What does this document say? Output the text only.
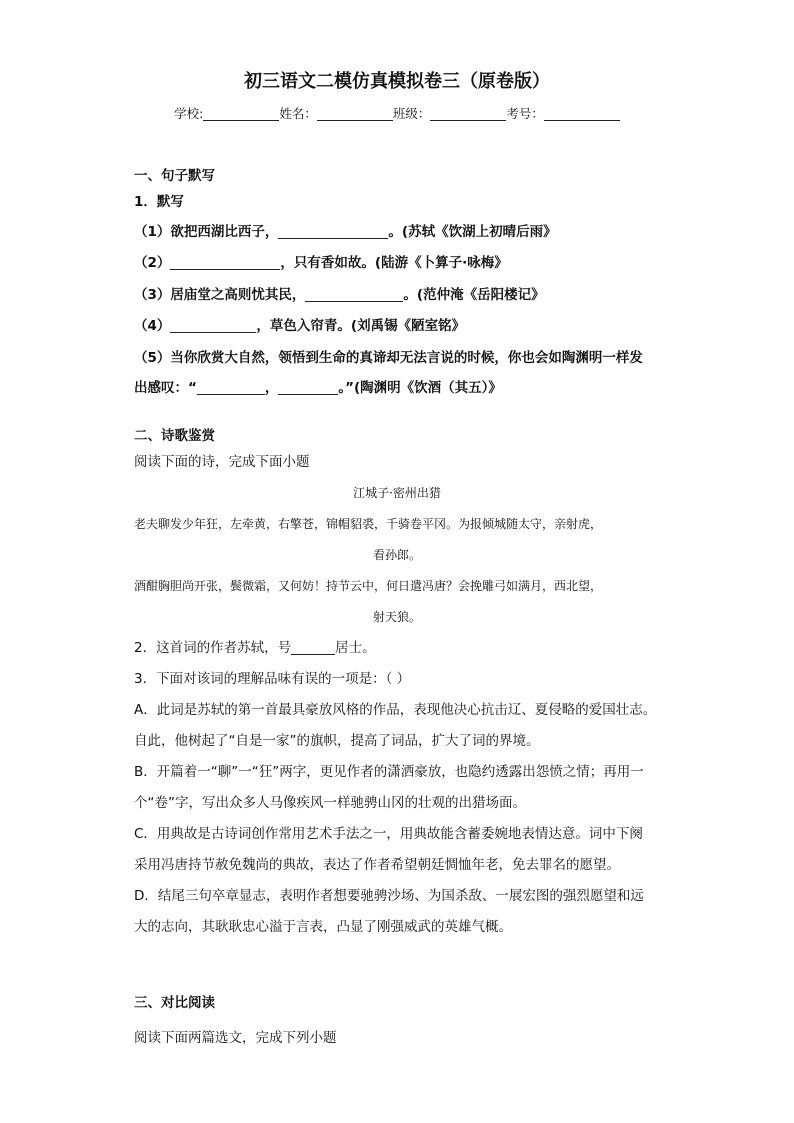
初三语文二模仿真模拟卷三（原卷版）
学校:	姓名：	班级：	考号：
一、句子默写
1．默写
（1）欲把西湖比西子，	。(苏轼《饮湖上初晴后雨》
（2）	，只有香如故。(陆游《卜算子·咏梅》
（3）居庙堂之高则忧其民，	。(范仲淹《岳阳楼记》
（4）	，草色入帘青。(刘禹锡《陋室铭》
（5）当你欣赏大自然，领悟到生命的真谛却无法言说的时候，你也会如陶渊明一样发
出感叹：“	，	。”(陶渊明《饮酒（其五）》
二、诗歌鉴赏
阅读下面的诗，完成下面小题
江城子·密州出猎
老夫聊发少年狂，左牵黄，右擎苍，锦帽貂裘，千骑卷平冈。为报倾城随太守，亲射虎，
看孙郎。
酒酣胸胆尚开张，鬓微霜，又何妨！持节云中，何日遣冯唐？会挽雕弓如满月，西北望，
射天狼。
2．这首词的作者苏轼，号	居士。
3．下面对该词的理解品味有误的一项是：（ ）
A．此词是苏轼的第一首最具豪放风格的作品，表现他决心抗击辽、夏侵略的爱国壮志。
自此，他树起了“自是一家”的旗帜，提高了词品，扩大了词的界境。
B．开篇着一“聊”一“狂”两字，更见作者的潇洒豪放，也隐约透露出怨愤之情；再用一
个“卷”字，写出众多人马像疾风一样驰骋山冈的壮观的出猎场面。
C．用典故是古诗词创作常用艺术手法之一，用典故能含蓄委婉地表情达意。词中下阕
采用冯唐持节赦免魏尚的典故，表达了作者希望朝廷惆恤年老，免去罪名的愿望。
D．结尾三句卒章显志，表明作者想要驰骋沙场、为国杀敌、一展宏图的强烈愿望和远
大的志向，其耿耿忠心溢于言表，凸显了刚强威武的英雄气概。
三、对比阅读
阅读下面两篇选文，完成下列小题
